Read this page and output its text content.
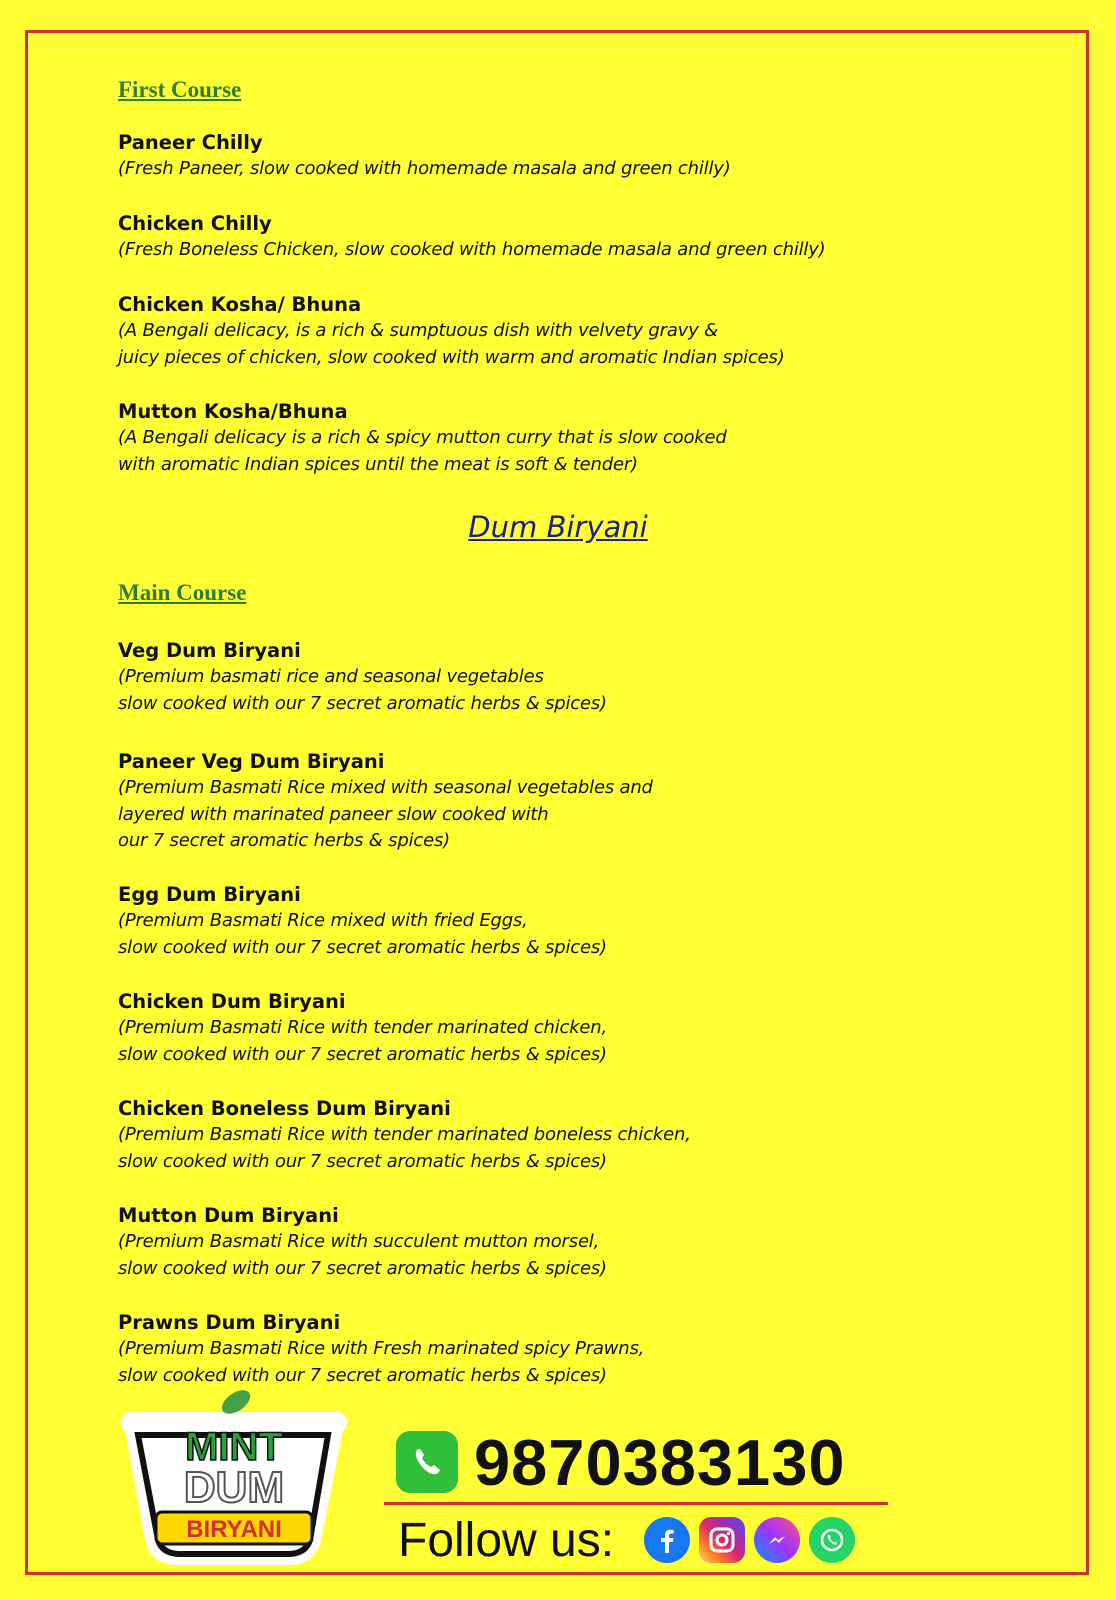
First Course
Paneer Chilly
(Fresh Paneer, slow cooked with homemade masala and green chilly)
Chicken Chilly
(Fresh Boneless Chicken, slow cooked with homemade masala and green chilly)
Chicken Kosha/ Bhuna
(A Bengali delicacy, is a rich & sumptuous dish with velvety gravy &
juicy pieces of chicken, slow cooked with warm and aromatic Indian spices)
Mutton Kosha/Bhuna
(A Bengali delicacy is a rich & spicy mutton curry that is slow cooked
with aromatic Indian spices until the meat is soft & tender)
Dum Biryani
Main Course
Veg Dum Biryani
(Premium basmati rice and seasonal vegetables
slow cooked with our 7 secret aromatic herbs & spices)
Paneer Veg Dum Biryani
(Premium Basmati Rice mixed with seasonal vegetables and
layered with marinated paneer slow cooked with
our 7 secret aromatic herbs & spices)
Egg Dum Biryani
(Premium Basmati Rice mixed with fried Eggs,
slow cooked with our 7 secret aromatic herbs & spices)
Chicken Dum Biryani
(Premium Basmati Rice with tender marinated chicken,
slow cooked with our 7 secret aromatic herbs & spices)
Chicken Boneless Dum Biryani
(Premium Basmati Rice with tender marinated boneless chicken,
slow cooked with our 7 secret aromatic herbs & spices)
Mutton Dum Biryani
(Premium Basmati Rice with succulent mutton morsel,
slow cooked with our 7 secret aromatic herbs & spices)
Prawns Dum Biryani
(Premium Basmati Rice with Fresh marinated spicy Prawns,
slow cooked with our 7 secret aromatic herbs & spices)
MINT
DUM
BIRYANI
9870383130
Follow us:
